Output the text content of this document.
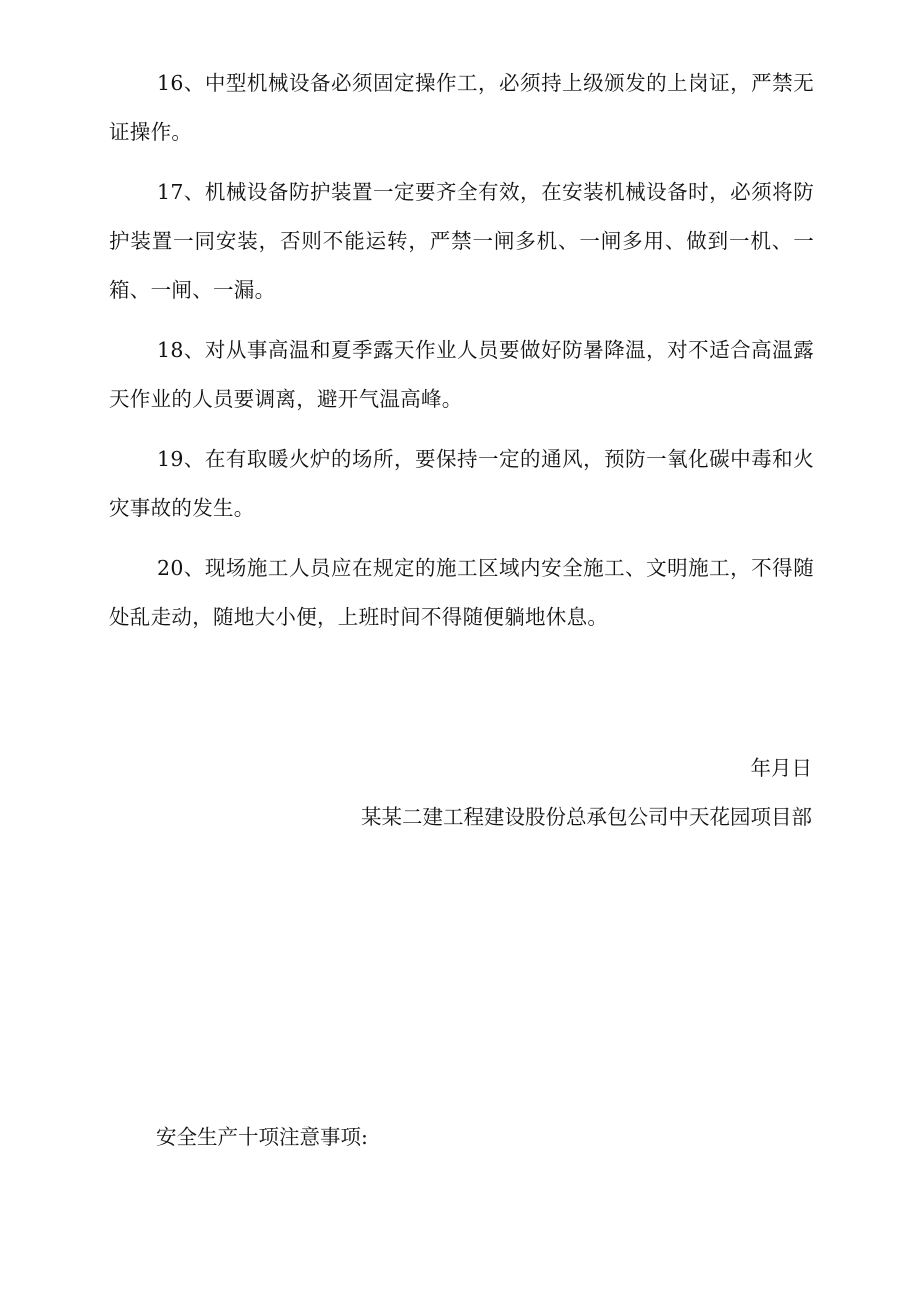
16、中型机械设备必须固定操作工，必须持上级颁发的上岗证，严禁无证操作。

17、机械设备防护装置一定要齐全有效，在安装机械设备时，必须将防护装置一同安装，否则不能运转，严禁一闸多机、一闸多用、做到一机、一箱、一闸、一漏。

18、对从事高温和夏季露天作业人员要做好防暑降温，对不适合高温露天作业的人员要调离，避开气温高峰。

19、在有取暖火炉的场所，要保持一定的通风，预防一氧化碳中毒和火灾事故的发生。

20、现场施工人员应在规定的施工区域内安全施工、文明施工，不得随处乱走动，随地大小便，上班时间不得随便躺地休息。

年月日
某某二建工程建设股份总承包公司中天花园项目部
安全生产十项注意事项:
